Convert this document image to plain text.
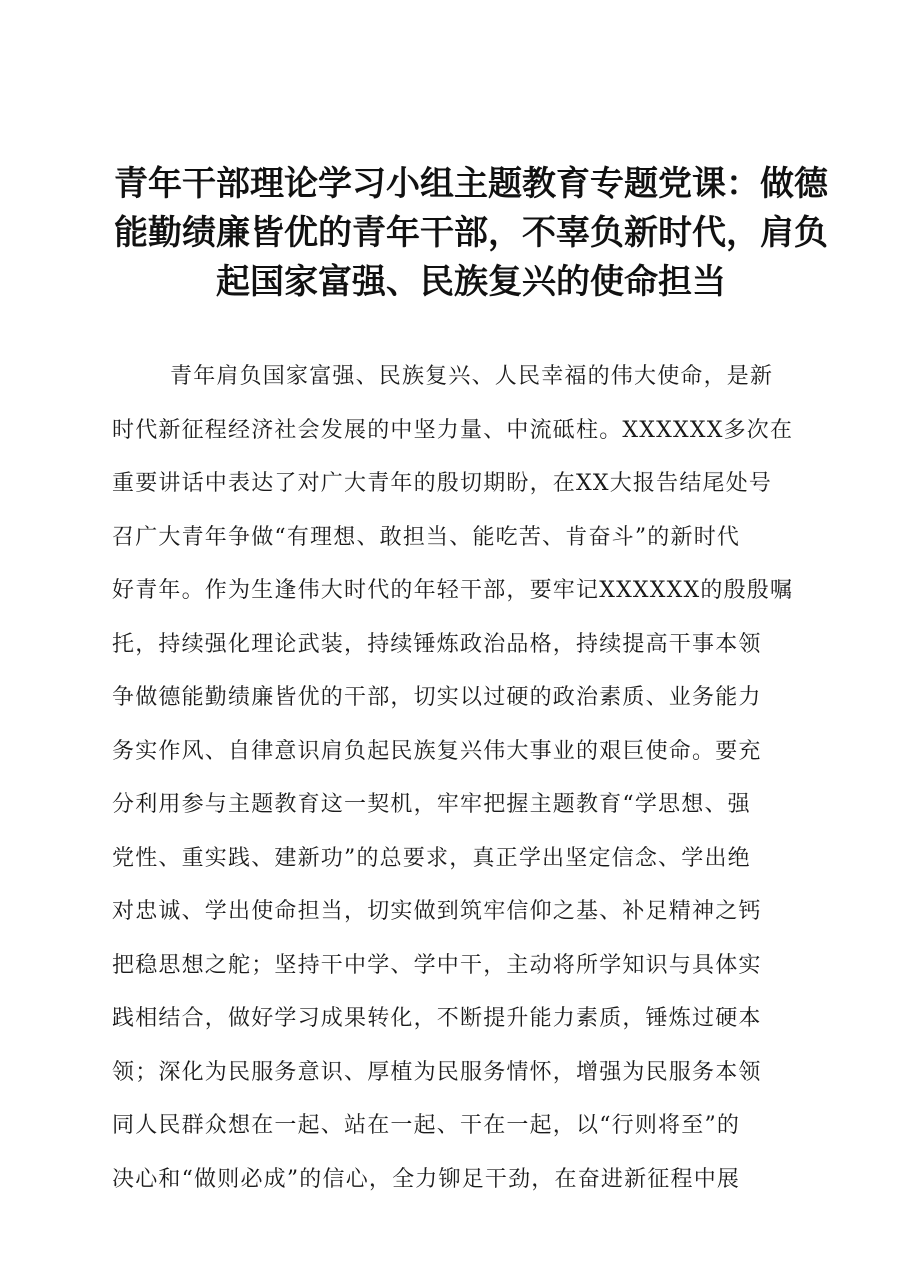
青年干部理论学习小组主题教育专题党课：做德
能勤绩廉皆优的青年干部，不辜负新时代，肩负
起国家富强、民族复兴的使命担当
青年肩负国家富强、民族复兴、人民幸福的伟大使命，是新
时代新征程经济社会发展的中坚力量、中流砥柱。XXXXXX多次在
重要讲话中表达了对广大青年的殷切期盼，在XX大报告结尾处号
召广大青年争做“有理想、敢担当、能吃苦、肯奋斗”的新时代
好青年。作为生逢伟大时代的年轻干部，要牢记XXXXXX的殷殷嘱
托，持续强化理论武装，持续锤炼政治品格，持续提高干事本领
争做德能勤绩廉皆优的干部，切实以过硬的政治素质、业务能力
务实作风、自律意识肩负起民族复兴伟大事业的艰巨使命。要充
分利用参与主题教育这一契机，牢牢把握主题教育“学思想、强
党性、重实践、建新功”的总要求，真正学出坚定信念、学出绝
对忠诚、学出使命担当，切实做到筑牢信仰之基、补足精神之钙
把稳思想之舵；坚持干中学、学中干，主动将所学知识与具体实
践相结合，做好学习成果转化，不断提升能力素质，锤炼过硬本
领；深化为民服务意识、厚植为民服务情怀，增强为民服务本领
同人民群众想在一起、站在一起、干在一起，以“行则将至”的
决心和“做则必成”的信心，全力铆足干劲，在奋进新征程中展
